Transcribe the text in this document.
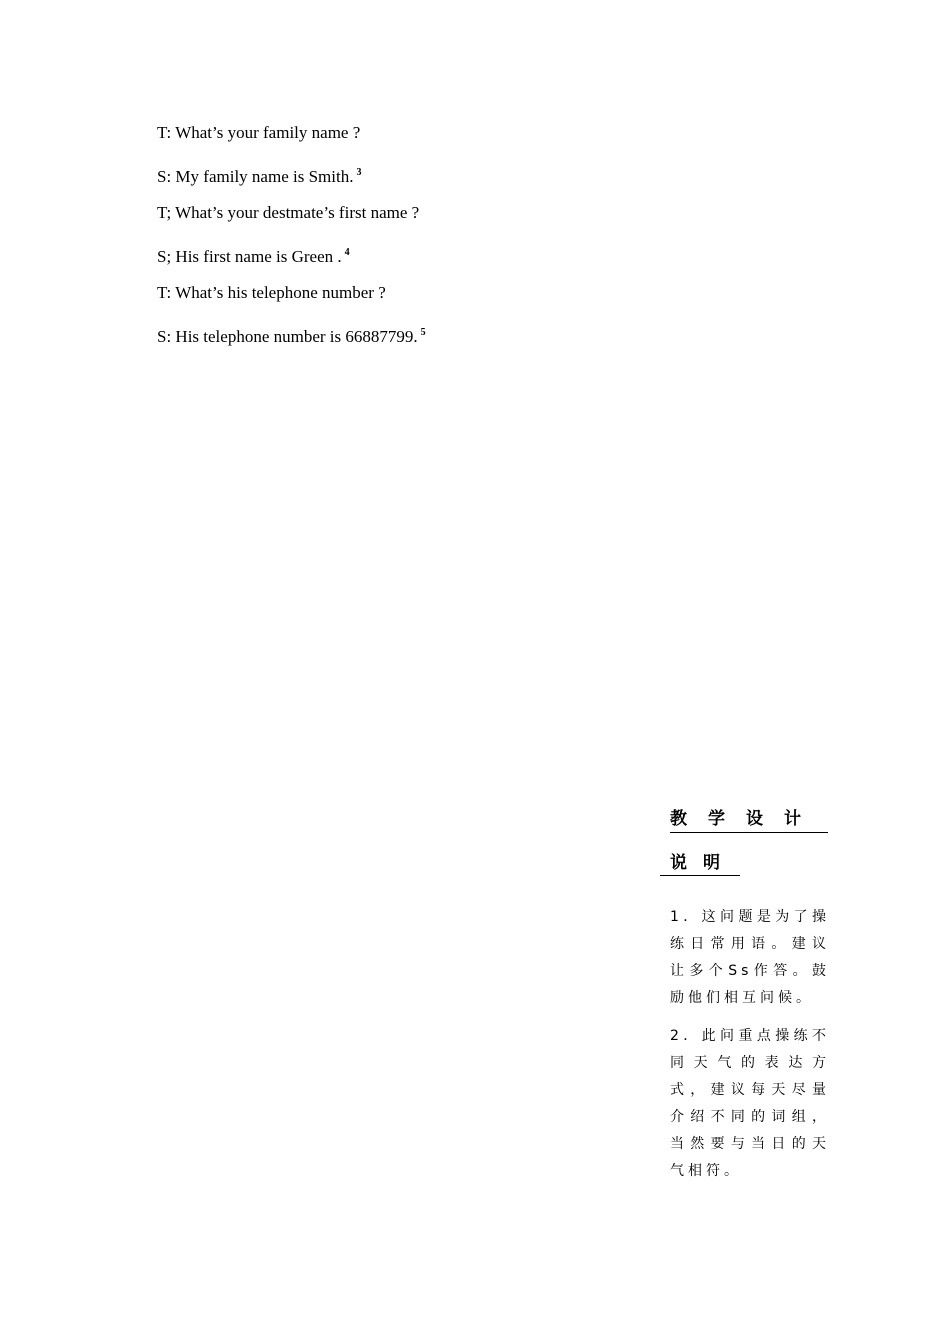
T: What’s your family name ?
S: My family name is Smith. $^3$
T; What’s your destmate’s first name ?
S; His first name is Green . $^4$
T: What’s his telephone number ?
S: His telephone number is 66887799. $^5$
教学设计
说明

1．这问题是为了操练日常用语。建议让多个Ss作答。鼓励他们相互问候。

2．此问重点操练不同天气的表达方式，建议每天尽量介绍不同的词组，当然要与当日的天气相符。
